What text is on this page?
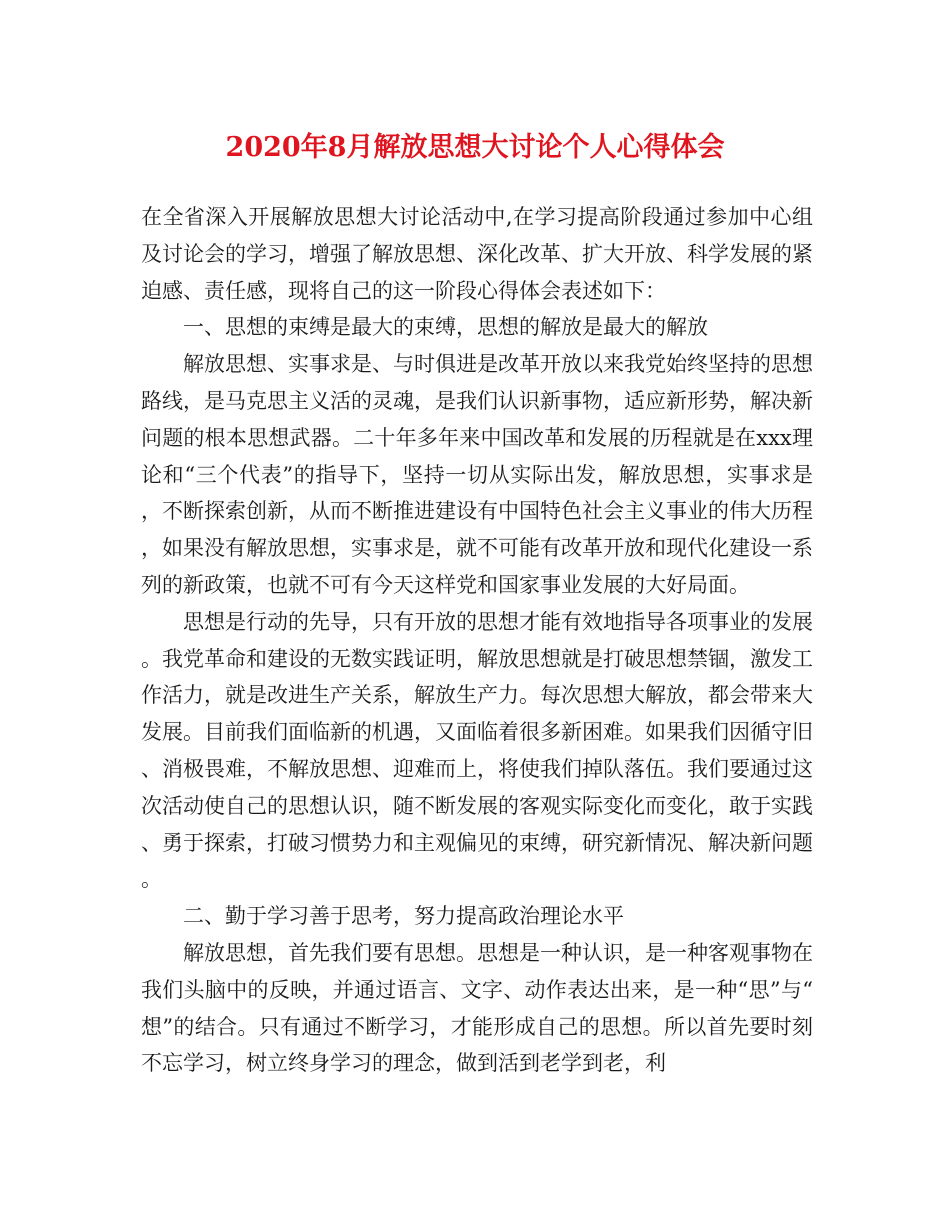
2020年8月解放思想大讨论个人心得体会

在全省深入开展解放思想大讨论活动中,在学习提高阶段通过参加中心组及讨论会的学习，增强了解放思想、深化改革、扩大开放、科学发展的紧迫感、责任感，现将自己的这一阶段心得体会表述如下：

一、思想的束缚是最大的束缚，思想的解放是最大的解放

解放思想、实事求是、与时俱进是改革开放以来我党始终坚持的思想路线，是马克思主义活的灵魂，是我们认识新事物，适应新形势，解决新问题的根本思想武器。二十年多年来中国改革和发展的历程就是在xxx理论和“三个代表”的指导下，坚持一切从实际出发，解放思想，实事求是，不断探索创新，从而不断推进建设有中国特色社会主义事业的伟大历程，如果没有解放思想，实事求是，就不可能有改革开放和现代化建设一系列的新政策，也就不可有今天这样党和国家事业发展的大好局面。

思想是行动的先导，只有开放的思想才能有效地指导各项事业的发展。我党革命和建设的无数实践证明，解放思想就是打破思想禁锢，激发工作活力，就是改进生产关系，解放生产力。每次思想大解放，都会带来大发展。目前我们面临新的机遇，又面临着很多新困难。如果我们因循守旧、消极畏难，不解放思想、迎难而上，将使我们掉队落伍。我们要通过这次活动使自己的思想认识，随不断发展的客观实际变化而变化，敢于实践、勇于探索，打破习惯势力和主观偏见的束缚，研究新情况、解决新问题。

二、勤于学习善于思考，努力提高政治理论水平

解放思想，首先我们要有思想。思想是一种认识，是一种客观事物在我们头脑中的反映，并通过语言、文字、动作表达出来，是一种“思”与“想”的结合。只有通过不断学习，才能形成自己的思想。所以首先要时刻不忘学习，树立终身学习的理念，做到活到老学到老，利
